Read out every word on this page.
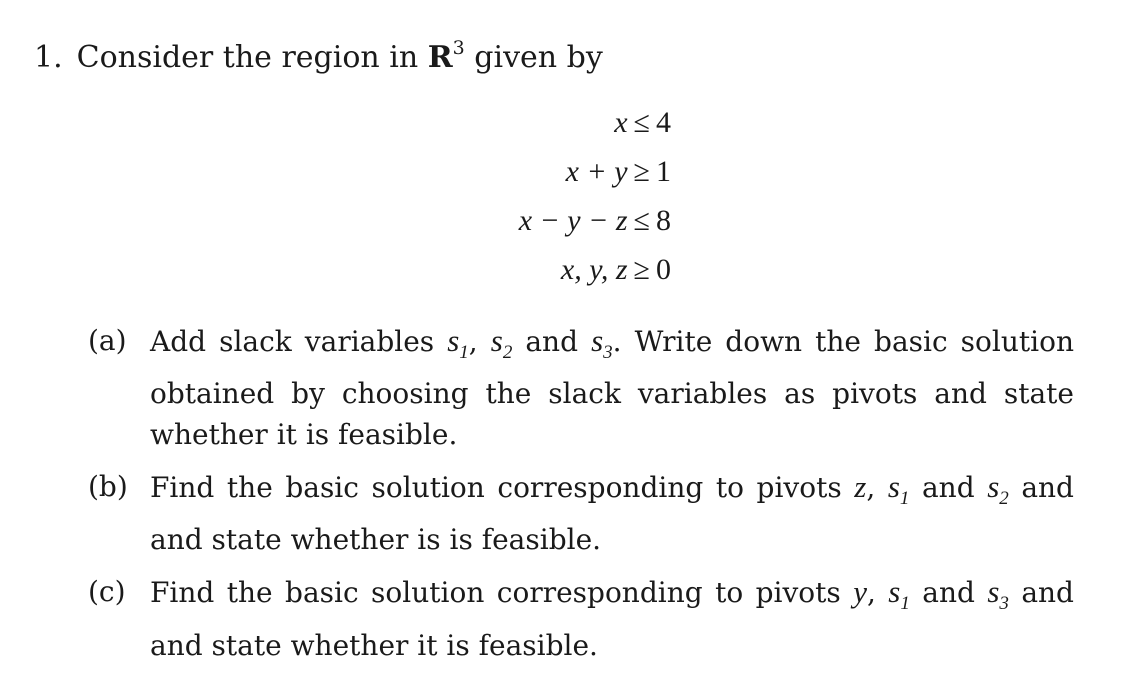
1. Consider the region in $R^3$ given by
x ≤ 4
x + y ≥ 1
x − y − z ≤ 8
x, y, z ≥ 0
(a) Add slack variables $s_1$, $s_2$ and $s_3$. Write down the basic solution obtained by choosing the slack variables as pivots and state whether it is feasible.
(b) Find the basic solution corresponding to pivots z, $s_1$ and $s_2$ and and state whether is is feasible.
(c) Find the basic solution corresponding to pivots y, $s_1$ and $s_3$ and and state whether it is feasible.
